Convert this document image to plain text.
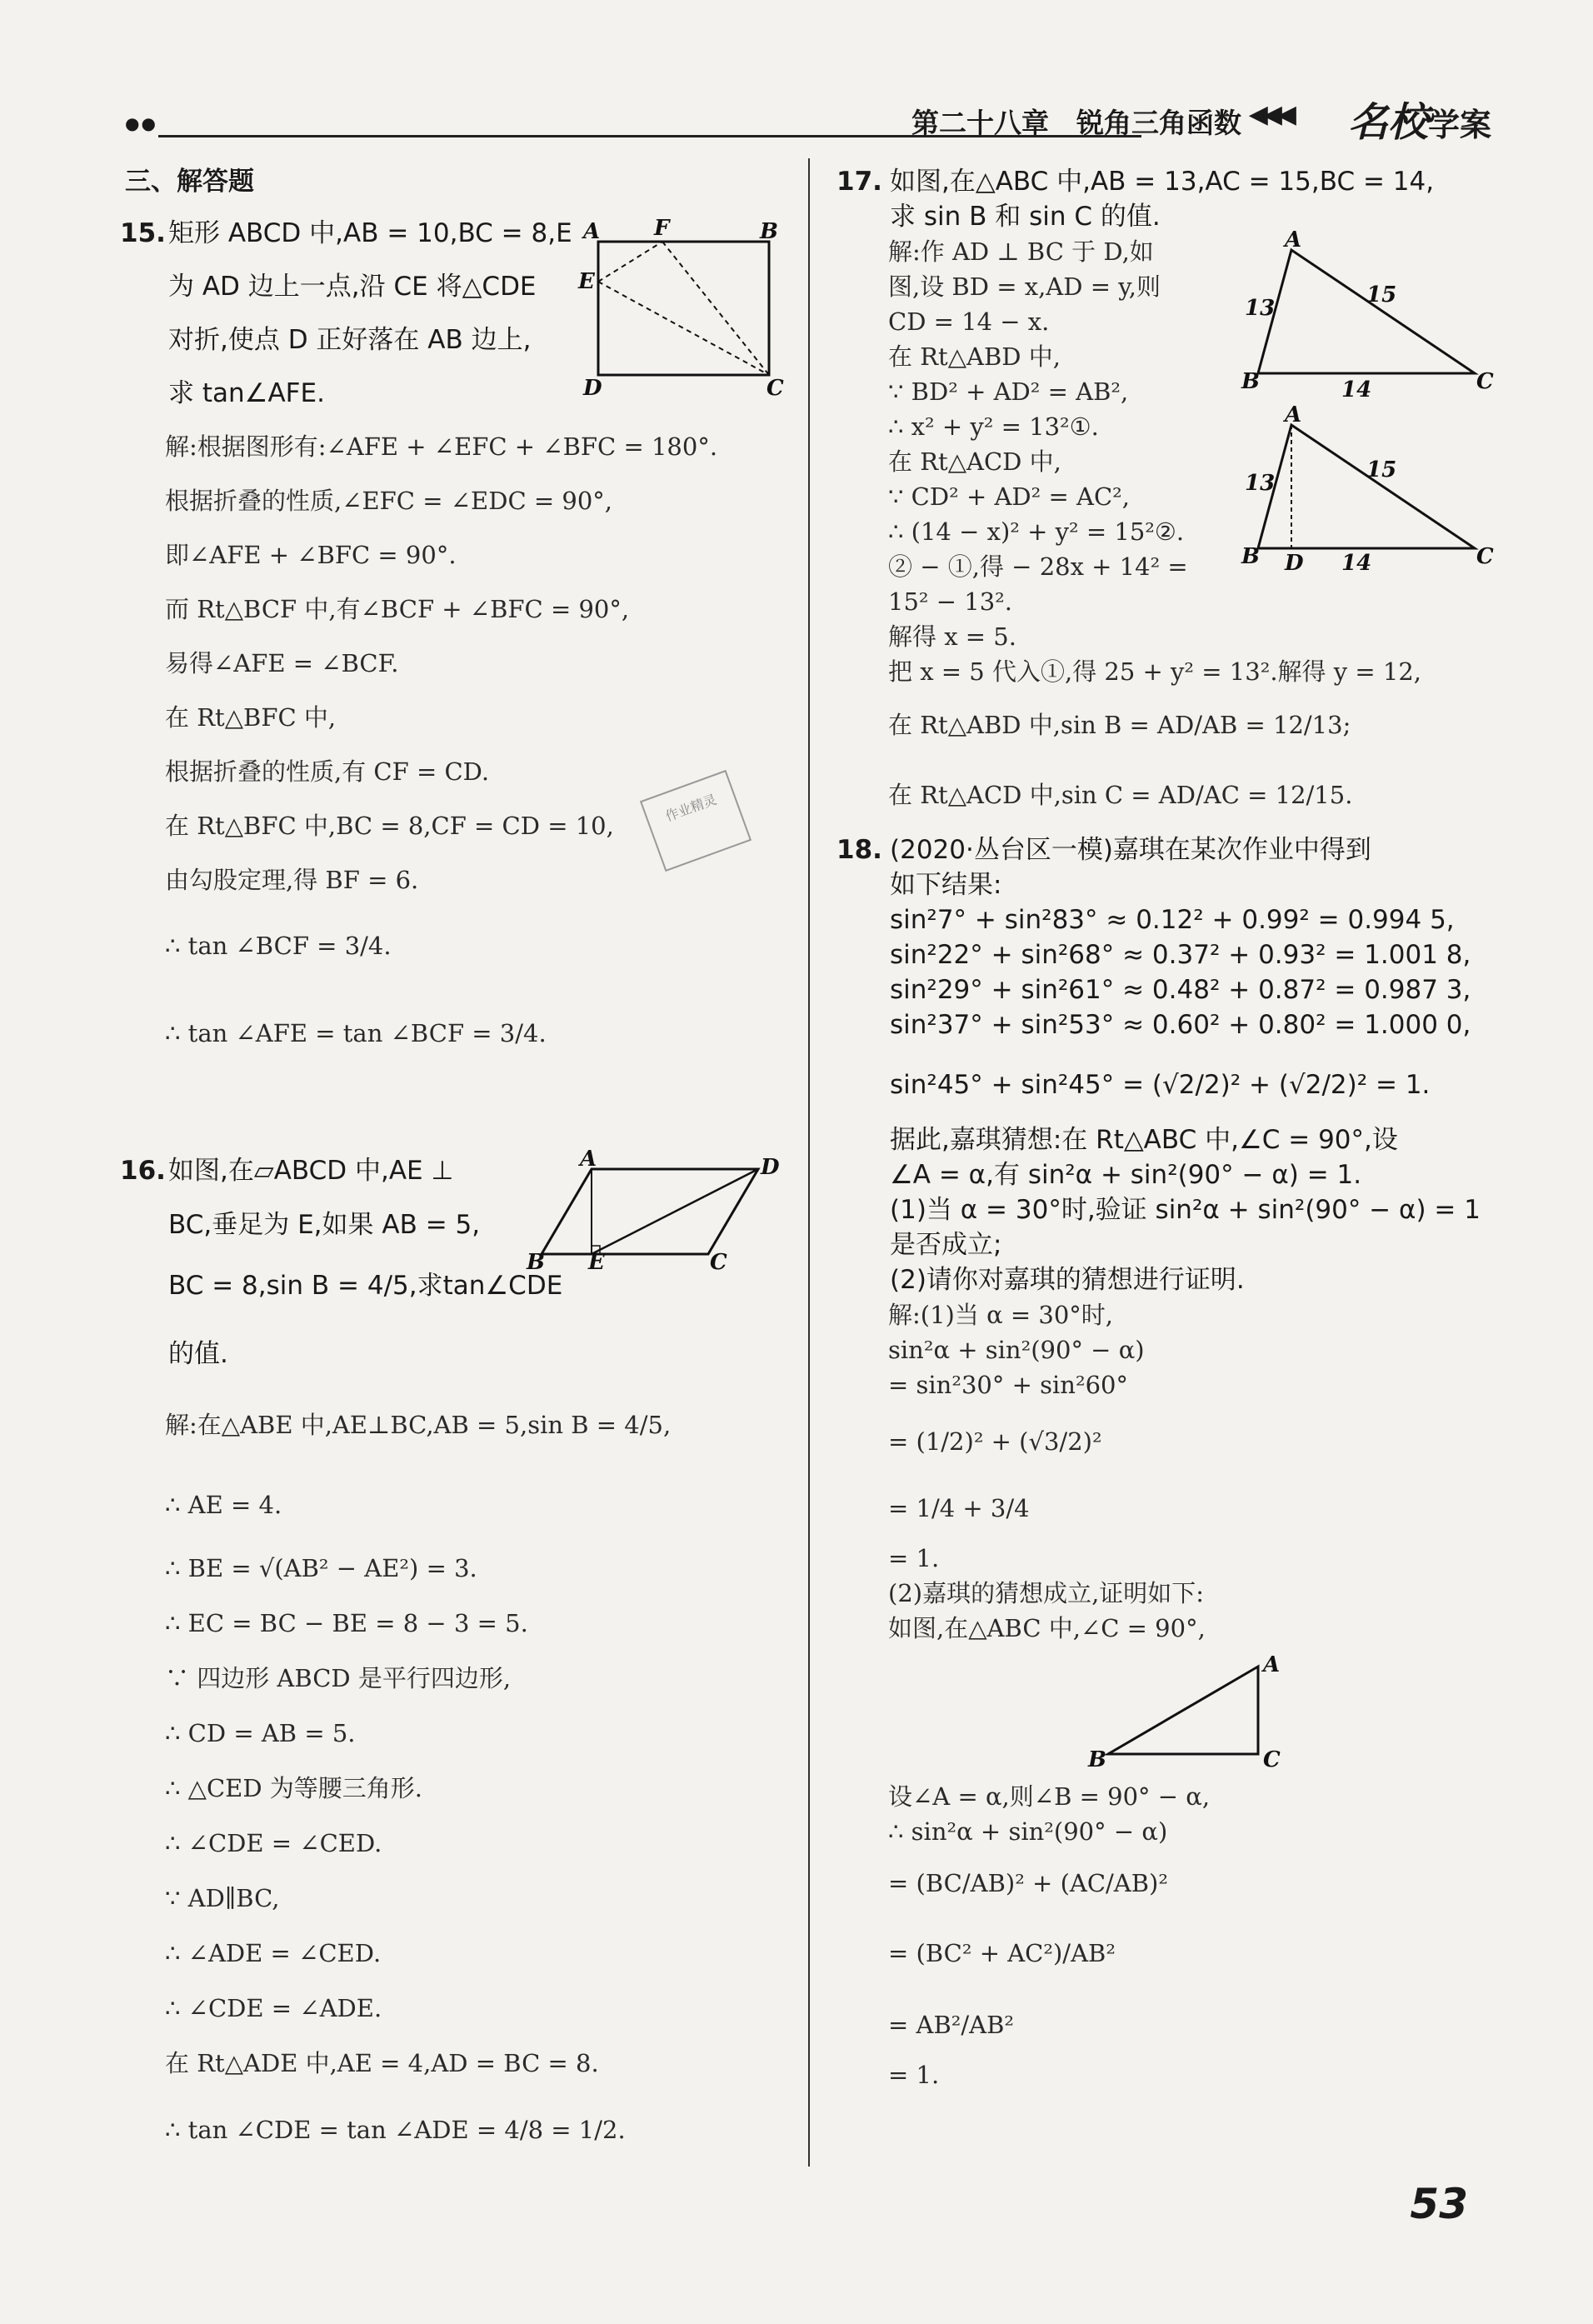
●●	第二十八章　锐角三角函数 ◀◀◀ 名校学案
三、解答题
15. 矩形 ABCD 中,AB = 10,BC = 8,E
为 AD 边上一点,沿 CE 将△CDE
对折,使点 D 正好落在 AB 边上,
求 tan∠AFE.
A F	B
E
D	C
解:根据图形有:∠AFE + ∠EFC + ∠BFC = 180°.
根据折叠的性质,∠EFC = ∠EDC = 90°,
即∠AFE + ∠BFC = 90°.
而 Rt△BCF 中,有∠BCF + ∠BFC = 90°,
易得∠AFE = ∠BCF.
在 Rt△BFC 中,
根据折叠的性质,有 CF = CD.
在 Rt△BFC 中,BC = 8,CF = CD = 10,
由勾股定理,得 BF = 6.
∴ tan ∠BCF = 3/4.
∴ tan ∠AFE = tan ∠BCF = 3/4.
16. 如图,在▱ABCD 中,AE ⊥
BC,垂足为 E,如果 AB = 5,
BC = 8,sin B = 4/5,求tan∠CDE
的值.
A	D
B E	C
解:在△ABE 中,AE⊥BC,AB = 5,sin B = 4/5,
∴ AE = 4.
∴ BE = √(AB² − AE²) = 3.
∴ EC = BC − BE = 8 − 3 = 5.
∵ 四边形 ABCD 是平行四边形,
∴ CD = AB = 5.
∴ △CED 为等腰三角形.
∴ ∠CDE = ∠CED.
∵ AD∥BC,
∴ ∠ADE = ∠CED.
∴ ∠CDE = ∠ADE.
在 Rt△ADE 中,AE = 4,AD = BC = 8.
∴ tan ∠CDE = tan ∠ADE = 4/8 = 1/2.
作业精灵
17. 如图,在△ABC 中,AB = 13,AC = 15,BC = 14,
求 sin B 和 sin C 的值.
A
13
15
B	14	C
A
13
15
B D 14	C
解:作 AD ⊥ BC 于 D,如
图,设 BD = x,AD = y,则
CD = 14 − x.
在 Rt△ABD 中,
∵ BD² + AD² = AB²,
∴ x² + y² = 13²①.
在 Rt△ACD 中,
∵ CD² + AD² = AC²,
∴ (14 − x)² + y² = 15²②.
② − ①,得 − 28x + 14² =
15² − 13².
解得 x = 5.
把 x = 5 代入①,得 25 + y² = 13².解得 y = 12,
在 Rt△ABD 中,sin B = AD/AB = 12/13;
在 Rt△ACD 中,sin C = AD/AC = 12/15.
18. (2020·丛台区一模)嘉琪在某次作业中得到
如下结果:
sin²7° + sin²83° ≈ 0.12² + 0.99² = 0.994 5,
sin²22° + sin²68° ≈ 0.37² + 0.93² = 1.001 8,
sin²29° + sin²61° ≈ 0.48² + 0.87² = 0.987 3,
sin²37° + sin²53° ≈ 0.60² + 0.80² = 1.000 0,
sin²45° + sin²45° = (√2/2)² + (√2/2)² = 1.
据此,嘉琪猜想:在 Rt△ABC 中,∠C = 90°,设
∠A = α,有 sin²α + sin²(90° − α) = 1.
(1)当 α = 30°时,验证 sin²α + sin²(90° − α) = 1
是否成立;
(2)请你对嘉琪的猜想进行证明.
解:(1)当 α = 30°时,
sin²α + sin²(90° − α)
= sin²30° + sin²60°
= (1/2)² + (√3/2)²
= 1/4 + 3/4
= 1.
(2)嘉琪的猜想成立,证明如下:
如图,在△ABC 中,∠C = 90°,
A
B	C
设∠A = α,则∠B = 90° − α,
∴ sin²α + sin²(90° − α)
= (BC/AB)² + (AC/AB)²
= (BC² + AC²)/AB²
= AB²/AB²
= 1.
53
